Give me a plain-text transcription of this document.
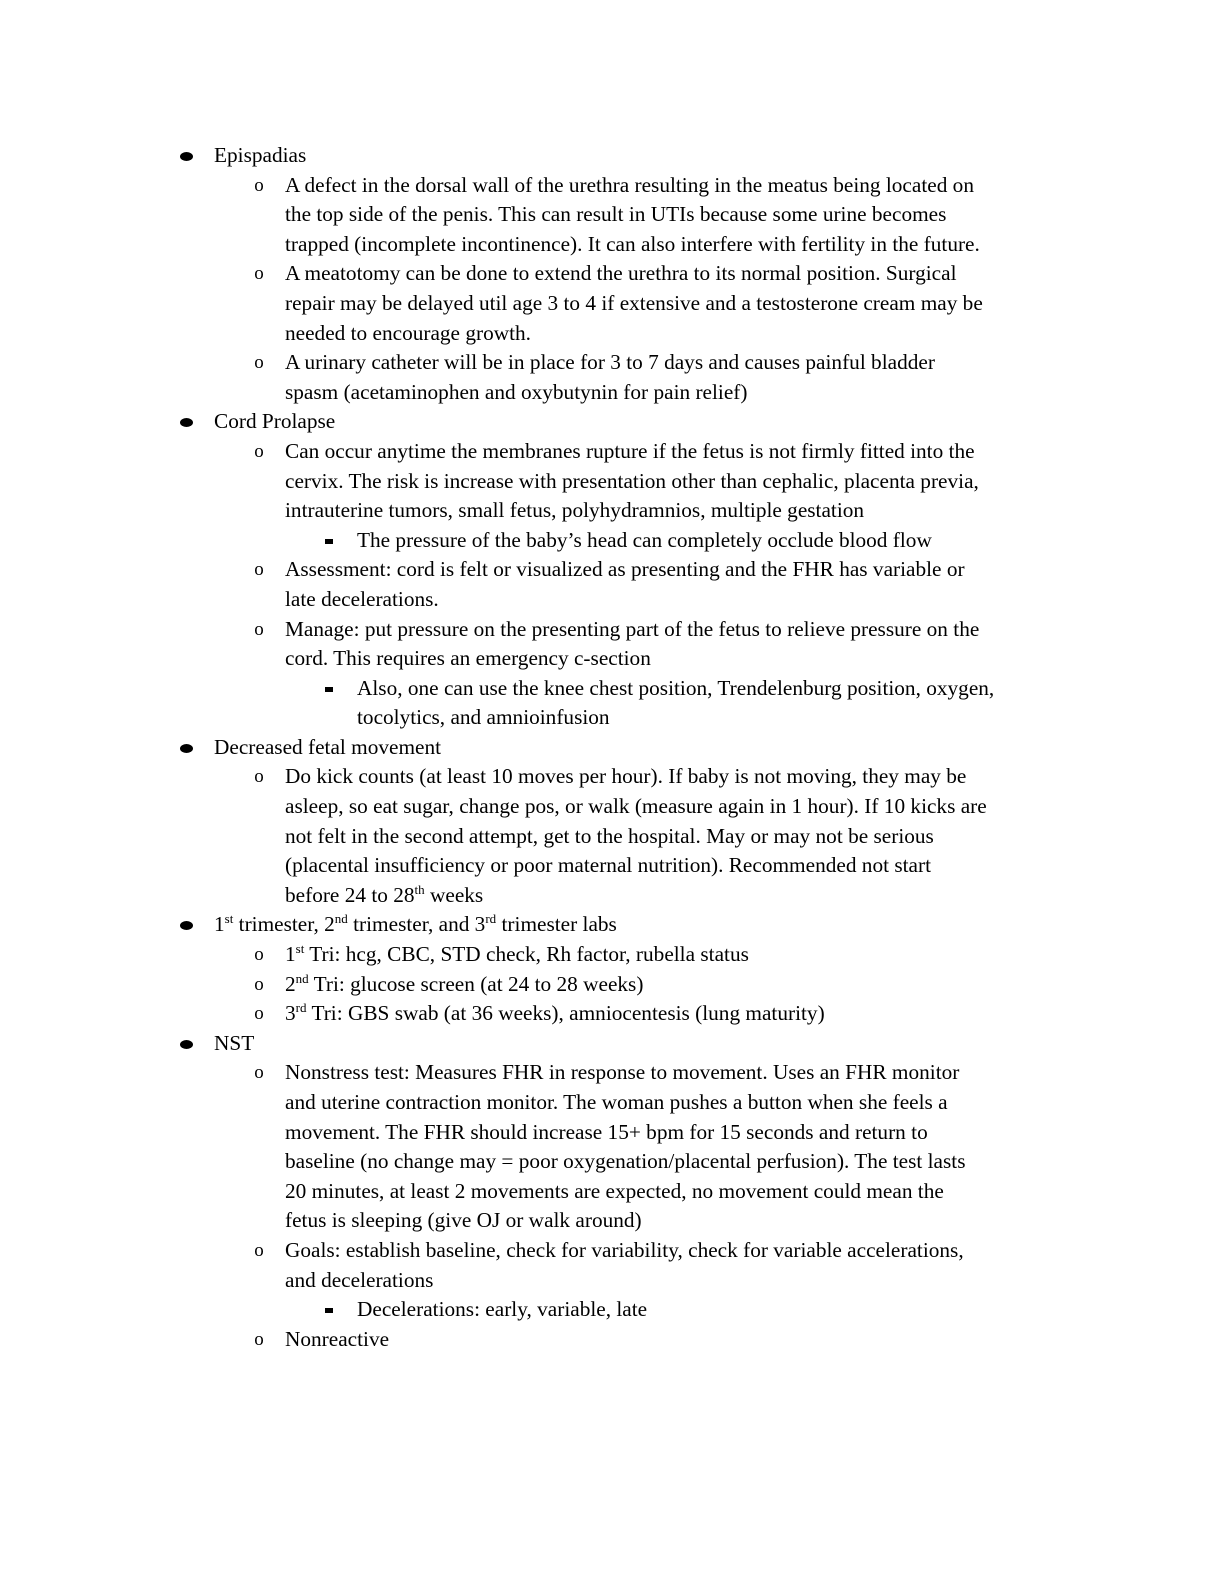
Epispadias
o A defect in the dorsal wall of the urethra resulting in the meatus being located on
the top side of the penis. This can result in UTIs because some urine becomes
trapped (incomplete incontinence). It can also interfere with fertility in the future.
o A meatotomy can be done to extend the urethra to its normal position. Surgical
repair may be delayed util age 3 to 4 if extensive and a testosterone cream may be
needed to encourage growth.
o A urinary catheter will be in place for 3 to 7 days and causes painful bladder
spasm (acetaminophen and oxybutynin for pain relief)
Cord Prolapse
o Can occur anytime the membranes rupture if the fetus is not firmly fitted into the
cervix. The risk is increase with presentation other than cephalic, placenta previa,
intrauterine tumors, small fetus, polyhydramnios, multiple gestation
The pressure of the baby’s head can completely occlude blood flow
o Assessment: cord is felt or visualized as presenting and the FHR has variable or
late decelerations.
o Manage: put pressure on the presenting part of the fetus to relieve pressure on the
cord. This requires an emergency c-section
Also, one can use the knee chest position, Trendelenburg position, oxygen,
tocolytics, and amnioinfusion
Decreased fetal movement
o Do kick counts (at least 10 moves per hour). If baby is not moving, they may be
asleep, so eat sugar, change pos, or walk (measure again in 1 hour). If 10 kicks are
not felt in the second attempt, get to the hospital. May or may not be serious
(placental insufficiency or poor maternal nutrition). Recommended not start
before 24 to 28th weeks
1st trimester, 2nd trimester, and 3rd trimester labs
o 1st Tri: hcg, CBC, STD check, Rh factor, rubella status
o 2nd Tri: glucose screen (at 24 to 28 weeks)
o 3rd Tri: GBS swab (at 36 weeks), amniocentesis (lung maturity)
NST
o Nonstress test: Measures FHR in response to movement. Uses an FHR monitor
and uterine contraction monitor. The woman pushes a button when she feels a
movement. The FHR should increase 15+ bpm for 15 seconds and return to
baseline (no change may = poor oxygenation/placental perfusion). The test lasts
20 minutes, at least 2 movements are expected, no movement could mean the
fetus is sleeping (give OJ or walk around)
o Goals: establish baseline, check for variability, check for variable accelerations,
and decelerations
Decelerations: early, variable, late
o Nonreactive
